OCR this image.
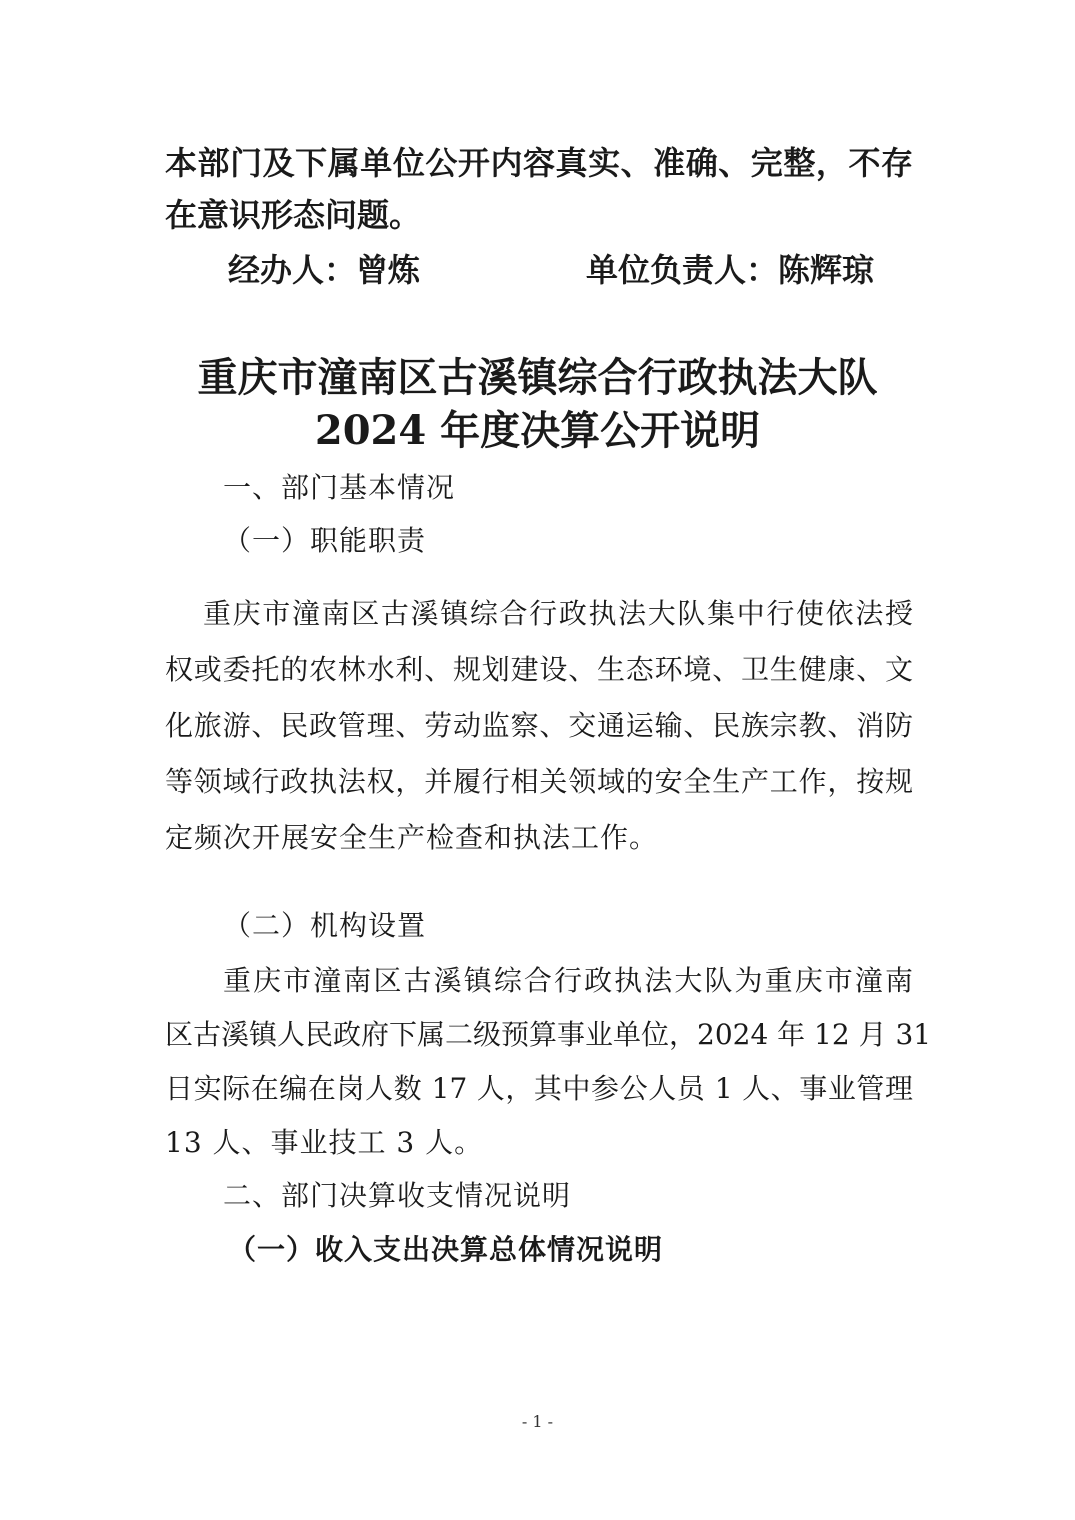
本部门及下属单位公开内容真实、准确、完整，不存
在意识形态问题。
经办人：曾炼	单位负责人：陈辉琼
重庆市潼南区古溪镇综合行政执法大队
2024 年度决算公开说明
一、部门基本情况
（一）职能职责
重庆市潼南区古溪镇综合行政执法大队集中行使依法授
权或委托的农林水利、规划建设、生态环境、卫生健康、文
化旅游、民政管理、劳动监察、交通运输、民族宗教、消防
等领域行政执法权，并履行相关领域的安全生产工作，按规
定频次开展安全生产检查和执法工作。
（二）机构设置
重庆市潼南区古溪镇综合行政执法大队为重庆市潼南
区古溪镇人民政府下属二级预算事业单位，2024 年 12 月 31
日实际在编在岗人数 17 人，其中参公人员 1 人、事业管理
13 人、事业技工 3 人。
二、部门决算收支情况说明
（一）收入支出决算总体情况说明
- 1 -
